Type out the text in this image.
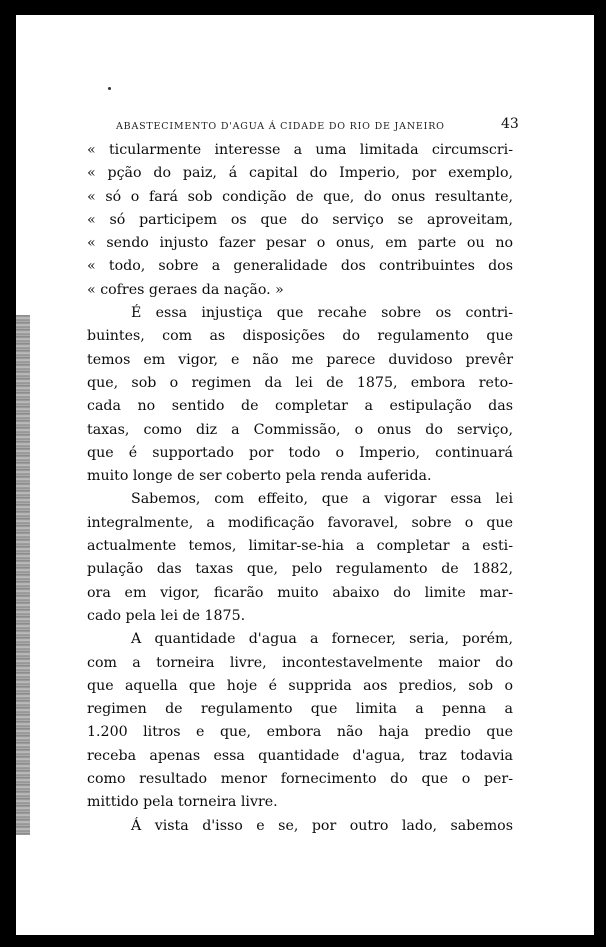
ABASTECIMENTO D'AGUA Á CIDADE DO RIO DE JANEIRO	43
« ticularmente interesse a uma limitada circumscri-
« pção do paiz, á capital do Imperio, por exemplo,
« só o fará sob condição de que, do onus resultante,
« só participem os que do serviço se aproveitam,
« sendo injusto fazer pesar o onus, em parte ou no
« todo, sobre a generalidade dos contribuintes dos
« cofres geraes da nação. »
É essa injustiça que recahe sobre os contri-
buintes, com as disposições do regulamento que
temos em vigor, e não me parece duvidoso prevêr
que, sob o regimen da lei de 1875, embora reto-
cada no sentido de completar a estipulação das
taxas, como diz a Commissão, o onus do serviço,
que é supportado por todo o Imperio, continuará
muito longe de ser coberto pela renda auferida.
Sabemos, com effeito, que a vigorar essa lei
integralmente, a modificação favoravel, sobre o que
actualmente temos, limitar-se-hia a completar a esti-
pulação das taxas que, pelo regulamento de 1882,
ora em vigor, ficarão muito abaixo do limite mar-
cado pela lei de 1875.
A quantidade d'agua a fornecer, seria, porém,
com a torneira livre, incontestavelmente maior do
que aquella que hoje é supprida aos predios, sob o
regimen de regulamento que limita a penna a
1.200 litros e que, embora não haja predio que
receba apenas essa quantidade d'agua, traz todavia
como resultado menor fornecimento do que o per-
mittido pela torneira livre.
Á vista d'isso e se, por outro lado, sabemos
